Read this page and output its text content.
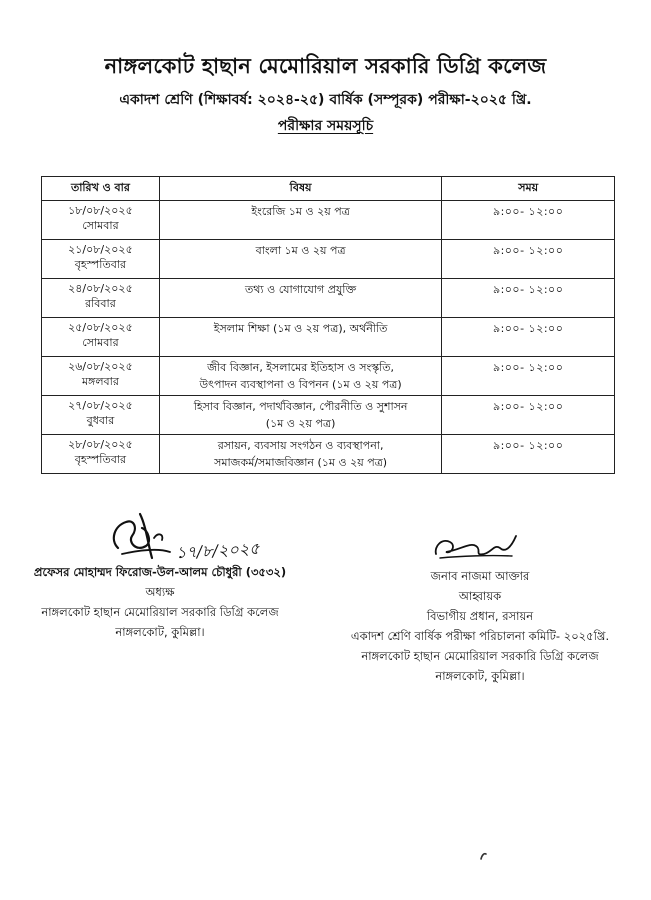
নাঙ্গলকোট হাছান মেমোরিয়াল সরকারি ডিগ্রি কলেজ
একাদশ শ্রেণি (শিক্ষাবর্ষ: ২০২৪-২৫) বার্ষিক (সম্পূরক) পরীক্ষা-২০২৫ খ্রি.
পরীক্ষার সময়সূচি
তারিখ ও বার	বিষয়	সময়

১৮/০৮/২০২৫
সোমবার	ইংরেজি ১ম ও ২য় পত্র	৯:০০- ১২:০০

২১/০৮/২০২৫
বৃহস্পতিবার	বাংলা ১ম ও ২য় পত্র	৯:০০- ১২:০০

২৪/০৮/২০২৫
রবিবার	তথ্য ও যোগাযোগ প্রযুক্তি	৯:০০- ১২:০০

২৫/০৮/২০২৫
সোমবার	ইসলাম শিক্ষা (১ম ও ২য় পত্র), অর্থনীতি	৯:০০- ১২:০০

২৬/০৮/২০২৫
মঙ্গলবার	জীব বিজ্ঞান, ইসলামের ইতিহাস ও সংস্কৃতি,
উৎপাদন ব্যবস্থাপনা ও বিপনন (১ম ও ২য় পত্র)	৯:০০- ১২:০০

২৭/০৮/২০২৫
বুধবার	হিসাব বিজ্ঞান, পদার্থবিজ্ঞান, পৌরনীতি ও সুশাসন
(১ম ও ২য় পত্র)	৯:০০- ১২:০০

২৮/০৮/২০২৫
বৃহস্পতিবার	রসায়ন, ব্যবসায় সংগঠন ও ব্যবস্থাপনা,
সমাজকর্ম/সমাজবিজ্ঞান (১ম ও ২য় পত্র)	৯:০০- ১২:০০
১৭/৮/২০২৫
প্রফেসর মোহাম্মদ ফিরোজ-উল-আলম চৌধুরী (৩৫৩২)
অধ্যক্ষ
নাঙ্গলকোট হাছান মেমোরিয়াল সরকারি ডিগ্রি কলেজ
নাঙ্গলকোট, কুমিল্লা।
জনাব নাজমা আক্তার
আহ্বায়ক
বিভাগীয় প্রধান, রসায়ন
একাদশ শ্রেণি বার্ষিক পরীক্ষা পরিচালনা কমিটি- ২০২৫খ্রি.
নাঙ্গলকোট হাছান মেমোরিয়াল সরকারি ডিগ্রি কলেজ
নাঙ্গলকোট, কুমিল্লা।
